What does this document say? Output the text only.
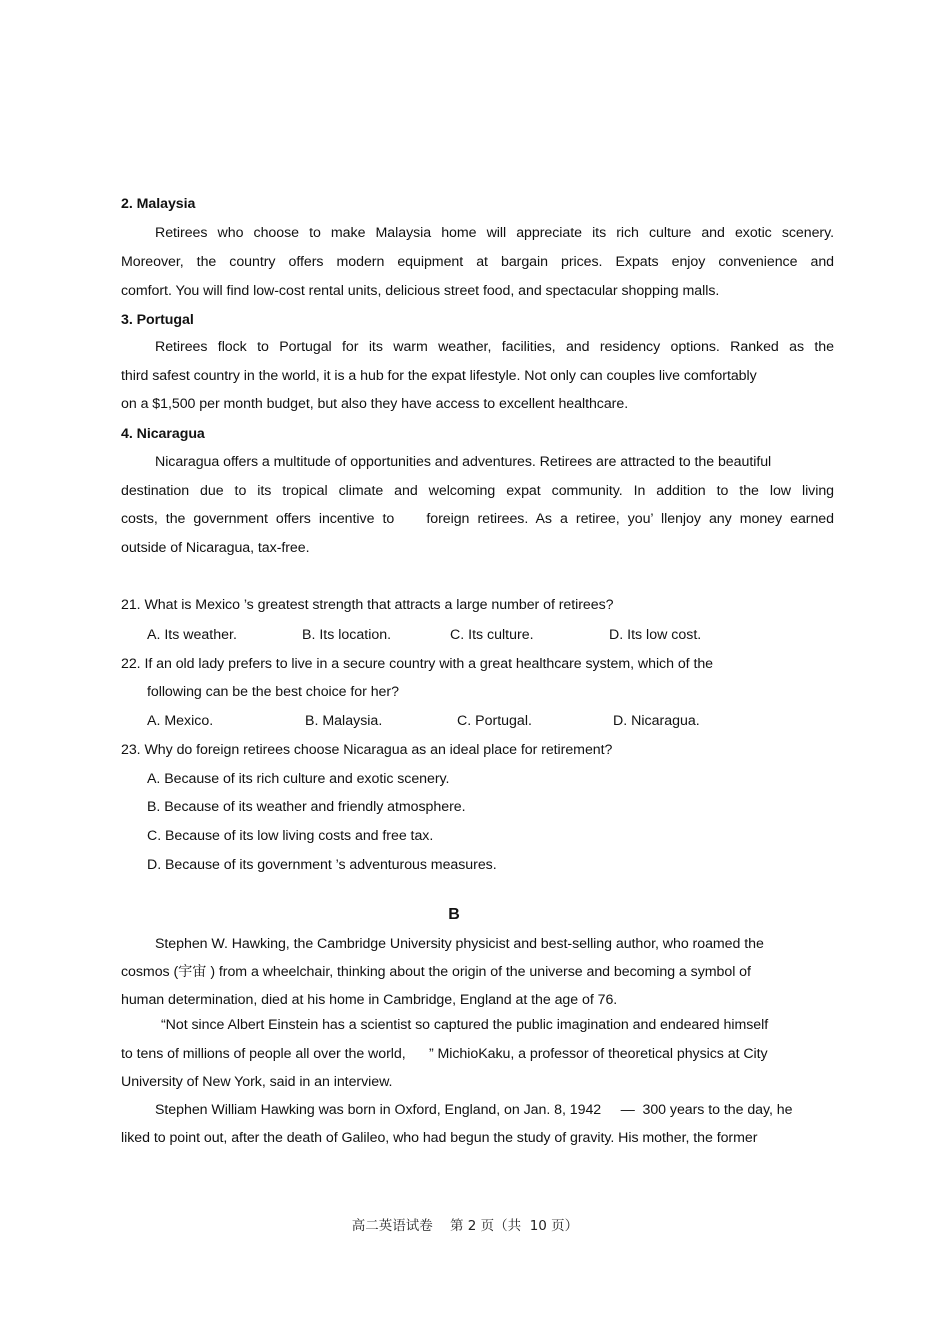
2. Malaysia
Retirees who choose to make Malaysia home will appreciate its rich culture and exotic scenery.
Moreover, the country offers modern equipment at bargain prices. Expats enjoy convenience and
comfort. You will find low-cost rental units, delicious street food, and spectacular shopping malls.
3. Portugal
Retirees flock to Portugal for its warm weather, facilities, and residency options. Ranked as the
third safest country in the world, it is a hub for the expat lifestyle. Not only can couples live comfortably
on a $1,500 per month budget, but also they have access to excellent healthcare.
4. Nicaragua
Nicaragua offers a multitude of opportunities and adventures. Retirees are attracted to the beautiful
destination due to its tropical climate and welcoming expat community. In addition to the low living
costs, the government offers incentive to    foreign retirees. As a retiree, you’ llenjoy any money earned
outside of Nicaragua, tax-free.
21. What is Mexico ’s greatest strength that attracts a large number of retirees?
A. Its weather.	B. Its location.	C. Its culture.	D. Its low cost.
22. If an old lady prefers to live in a secure country with a great healthcare system, which of the
following can be the best choice for her?
A. Mexico.	B. Malaysia.	C. Portugal.	D. Nicaragua.
23. Why do foreign retirees choose Nicaragua as an ideal place for retirement?
A. Because of its rich culture and exotic scenery.
B. Because of its weather and friendly atmosphere.
C. Because of its low living costs and free tax.
D. Because of its government ’s adventurous measures.
B
Stephen W. Hawking, the Cambridge University physicist and best-selling author, who roamed the
cosmos (宇宙 ) from a wheelchair, thinking about the origin of the universe and becoming a symbol of
human determination, died at his home in Cambridge, England at the age of 76.
“Not since Albert Einstein has a scientist so captured the public imagination and endeared himself
to tens of millions of people all over the world,      ” MichioKaku, a professor of theoretical physics at City
University of New York, said in an interview.
Stephen William Hawking was born in Oxford, England, on Jan. 8, 1942     —  300 years to the day, he
liked to point out, after the death of Galileo, who had begun the study of gravity. His mother, the former
高二英语试卷    第 2 页（共  10 页）
